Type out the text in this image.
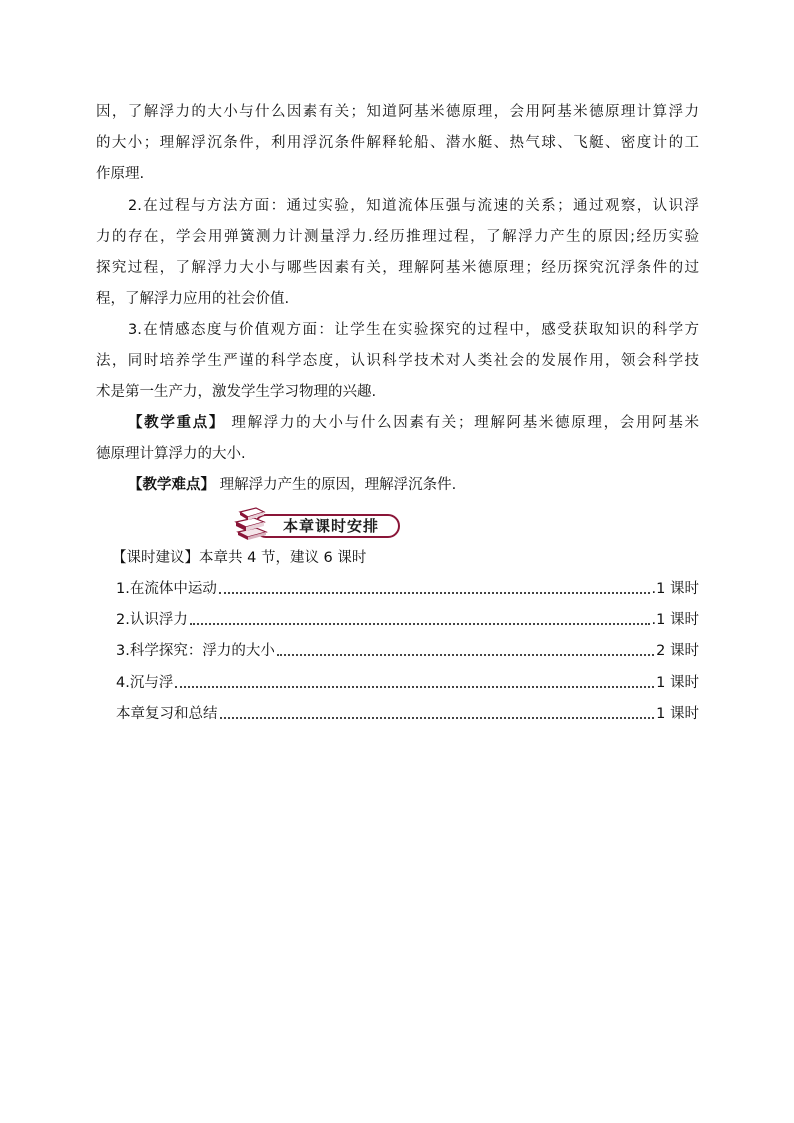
因，了解浮力的大小与什么因素有关；知道阿基米德原理，会用阿基米德原理计算浮力
的大小；理解浮沉条件，利用浮沉条件解释轮船、潜水艇、热气球、飞艇、密度计的工
作原理.
2.在过程与方法方面：通过实验，知道流体压强与流速的关系；通过观察，认识浮
力的存在，学会用弹簧测力计测量浮力.经历推理过程，了解浮力产生的原因;经历实验
探究过程，了解浮力大小与哪些因素有关，理解阿基米德原理；经历探究沉浮条件的过
程，了解浮力应用的社会价值.
3.在情感态度与价值观方面：让学生在实验探究的过程中，感受获取知识的科学方
法，同时培养学生严谨的科学态度，认识科学技术对人类社会的发展作用，领会科学技
术是第一生产力，激发学生学习物理的兴趣.
【教学重点】 理解浮力的大小与什么因素有关；理解阿基米德原理，会用阿基米
德原理计算浮力的大小.
【教学难点】 理解浮力产生的原因，理解浮沉条件.
【课时建议】本章共 4 节，建议 6 课时
1.在流体中运动	.1 课时
2.认识浮力	.1 课时
3.科学探究：浮力的大小	2 课时
4.沉与浮	1 课时
本章复习和总结	1 课时
本章课时安排
